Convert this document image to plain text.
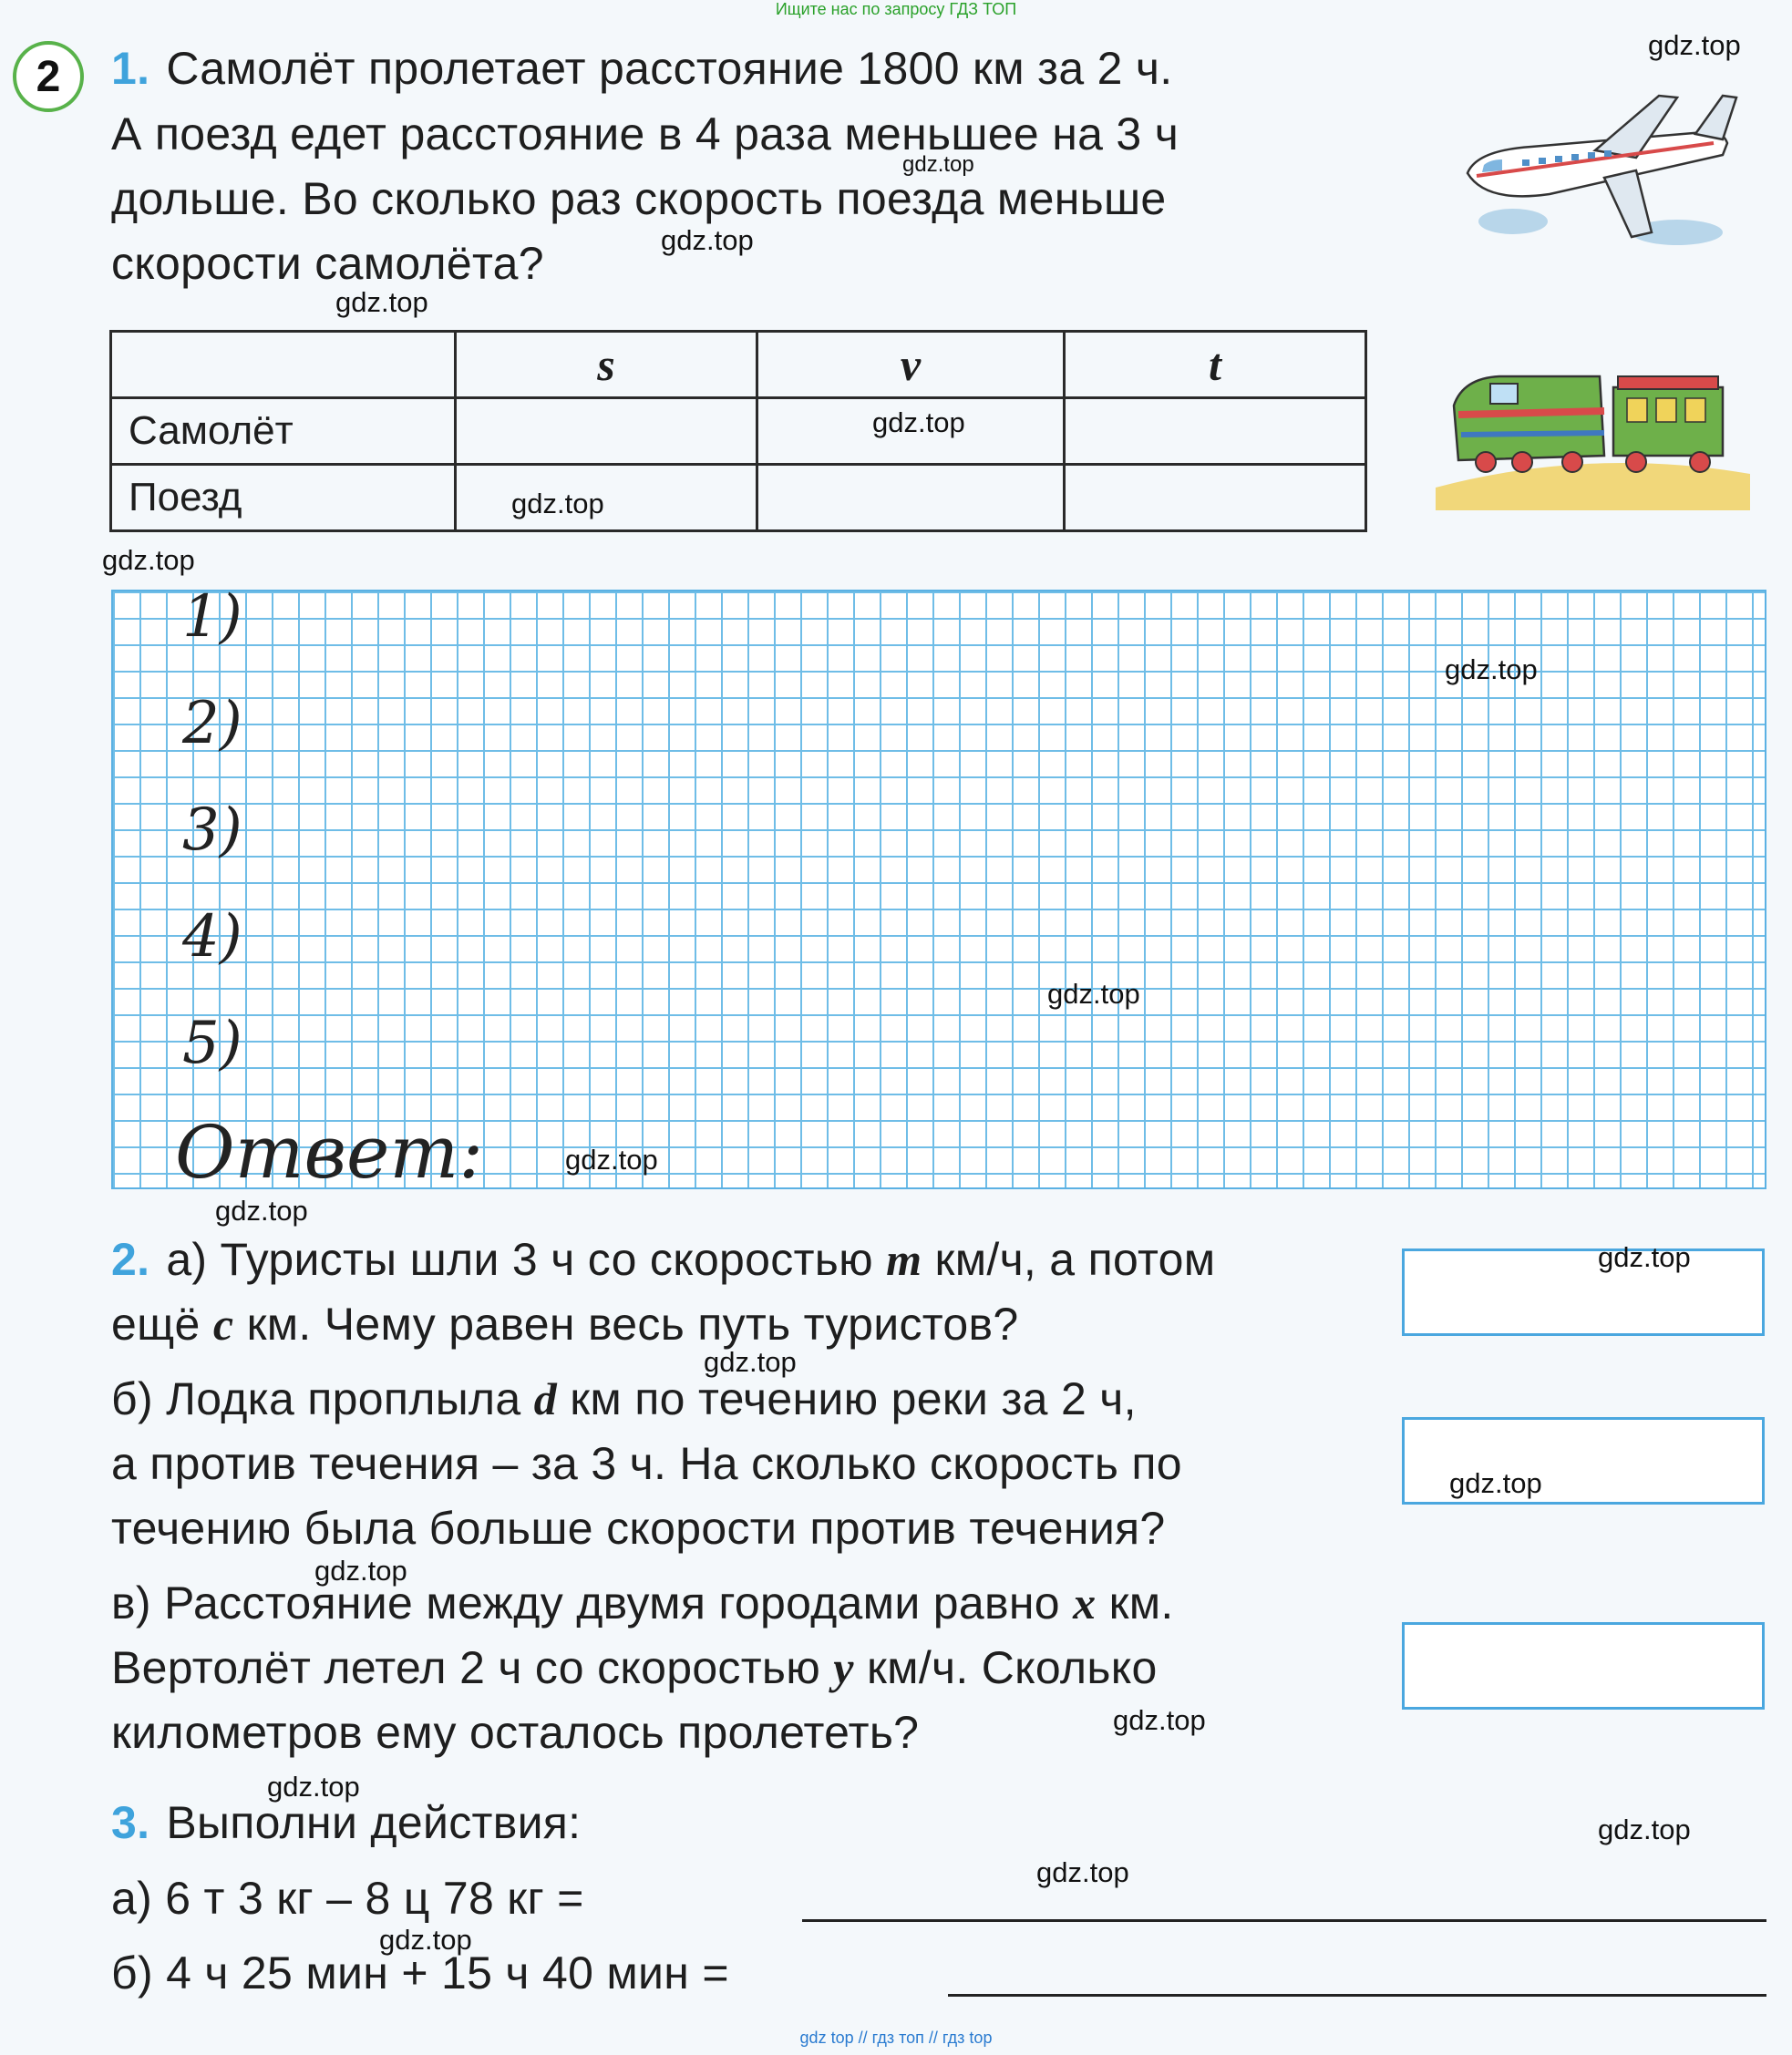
Ищите нас по запросу ГДЗ ТОП
2	1. Самолёт пролетает расстояние 1800 км за 2 ч.
А поезд едет расстояние в 4 раза меньшее на 3 ч
дольше. Во сколько раз скорость поезда меньше
скорости самолёта?
	s	v	t
Самолёт			
Поезд			
1)
2)
3)
4)
5)
Ответ:
2. а) Туристы шли 3 ч со скоростью m км/ч, а потом
ещё c км. Чему равен весь путь туристов?
б) Лодка проплыла d км по течению реки за 2 ч,
а против течения – за 3 ч. На сколько скорость по
течению была больше скорости против течения?
в) Расстояние между двумя городами равно x км.
Вертолёт летел 2 ч со скоростью y км/ч. Сколько
километров ему осталось пролететь?
3. Выполни действия:
а) 6 т 3 кг – 8 ц 78 кг =
б) 4 ч 25 мин + 15 ч 40 мин =
gdz.top
gdz.top
gdz.top
gdz.top
gdz.top
gdz.top
gdz.top
gdz.top
gdz.top
gdz.top
gdz.top
gdz.top
gdz.top
gdz.top
gdz.top
gdz.top
gdz.top
gdz.top
gdz.top
gdz.top
gdz top // гдз топ // гдз top
